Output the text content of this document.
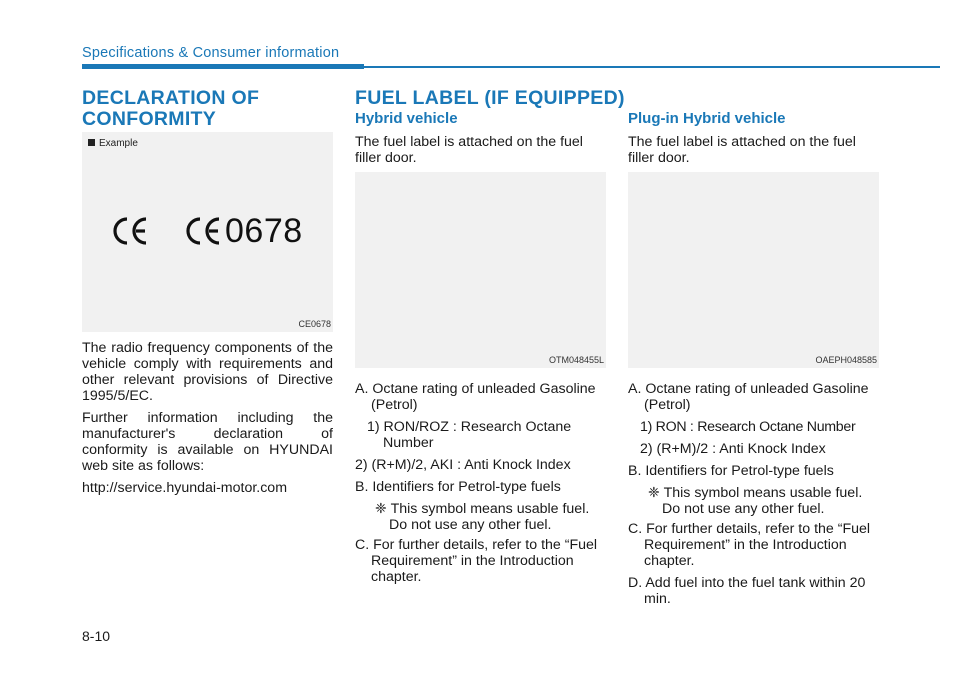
Specifications & Consumer information
DECLARATION OF
CONFORMITY
Example
0678
CE0678

The radio frequency components of the vehicle comply with requirements and other relevant provisions of Directive 1995/5/EC.

Further information including the manufacturer's declaration of conformity is available on HYUNDAI web site as follows:

http://service.hyundai-motor.com

FUEL LABEL (IF EQUIPPED)
Hybrid vehicle
The fuel label is attached on the fuel filler door.
OTM048455L

A. Octane rating of unleaded Gasoline (Petrol)

1) RON/ROZ : Research Octane Number

2) (R+M)/2, AKI : Anti Knock Index

B. Identifiers for Petrol-type fuels

❈ This symbol means usable fuel.

Do not use any other fuel.

C. For further details, refer to the “Fuel Requirement” in the Introduction chapter.

Plug-in Hybrid vehicle
The fuel label is attached on the fuel filler door.
OAEPH048585

A. Octane rating of unleaded Gasoline (Petrol)

1) RON : Research Octane Number

2) (R+M)/2 : Anti Knock Index

B. Identifiers for Petrol-type fuels

❈ This symbol means usable fuel.

Do not use any other fuel.

C. For further details, refer to the “Fuel Requirement” in the Introduction chapter.

D. Add fuel into the fuel tank within 20 min.

8-10
